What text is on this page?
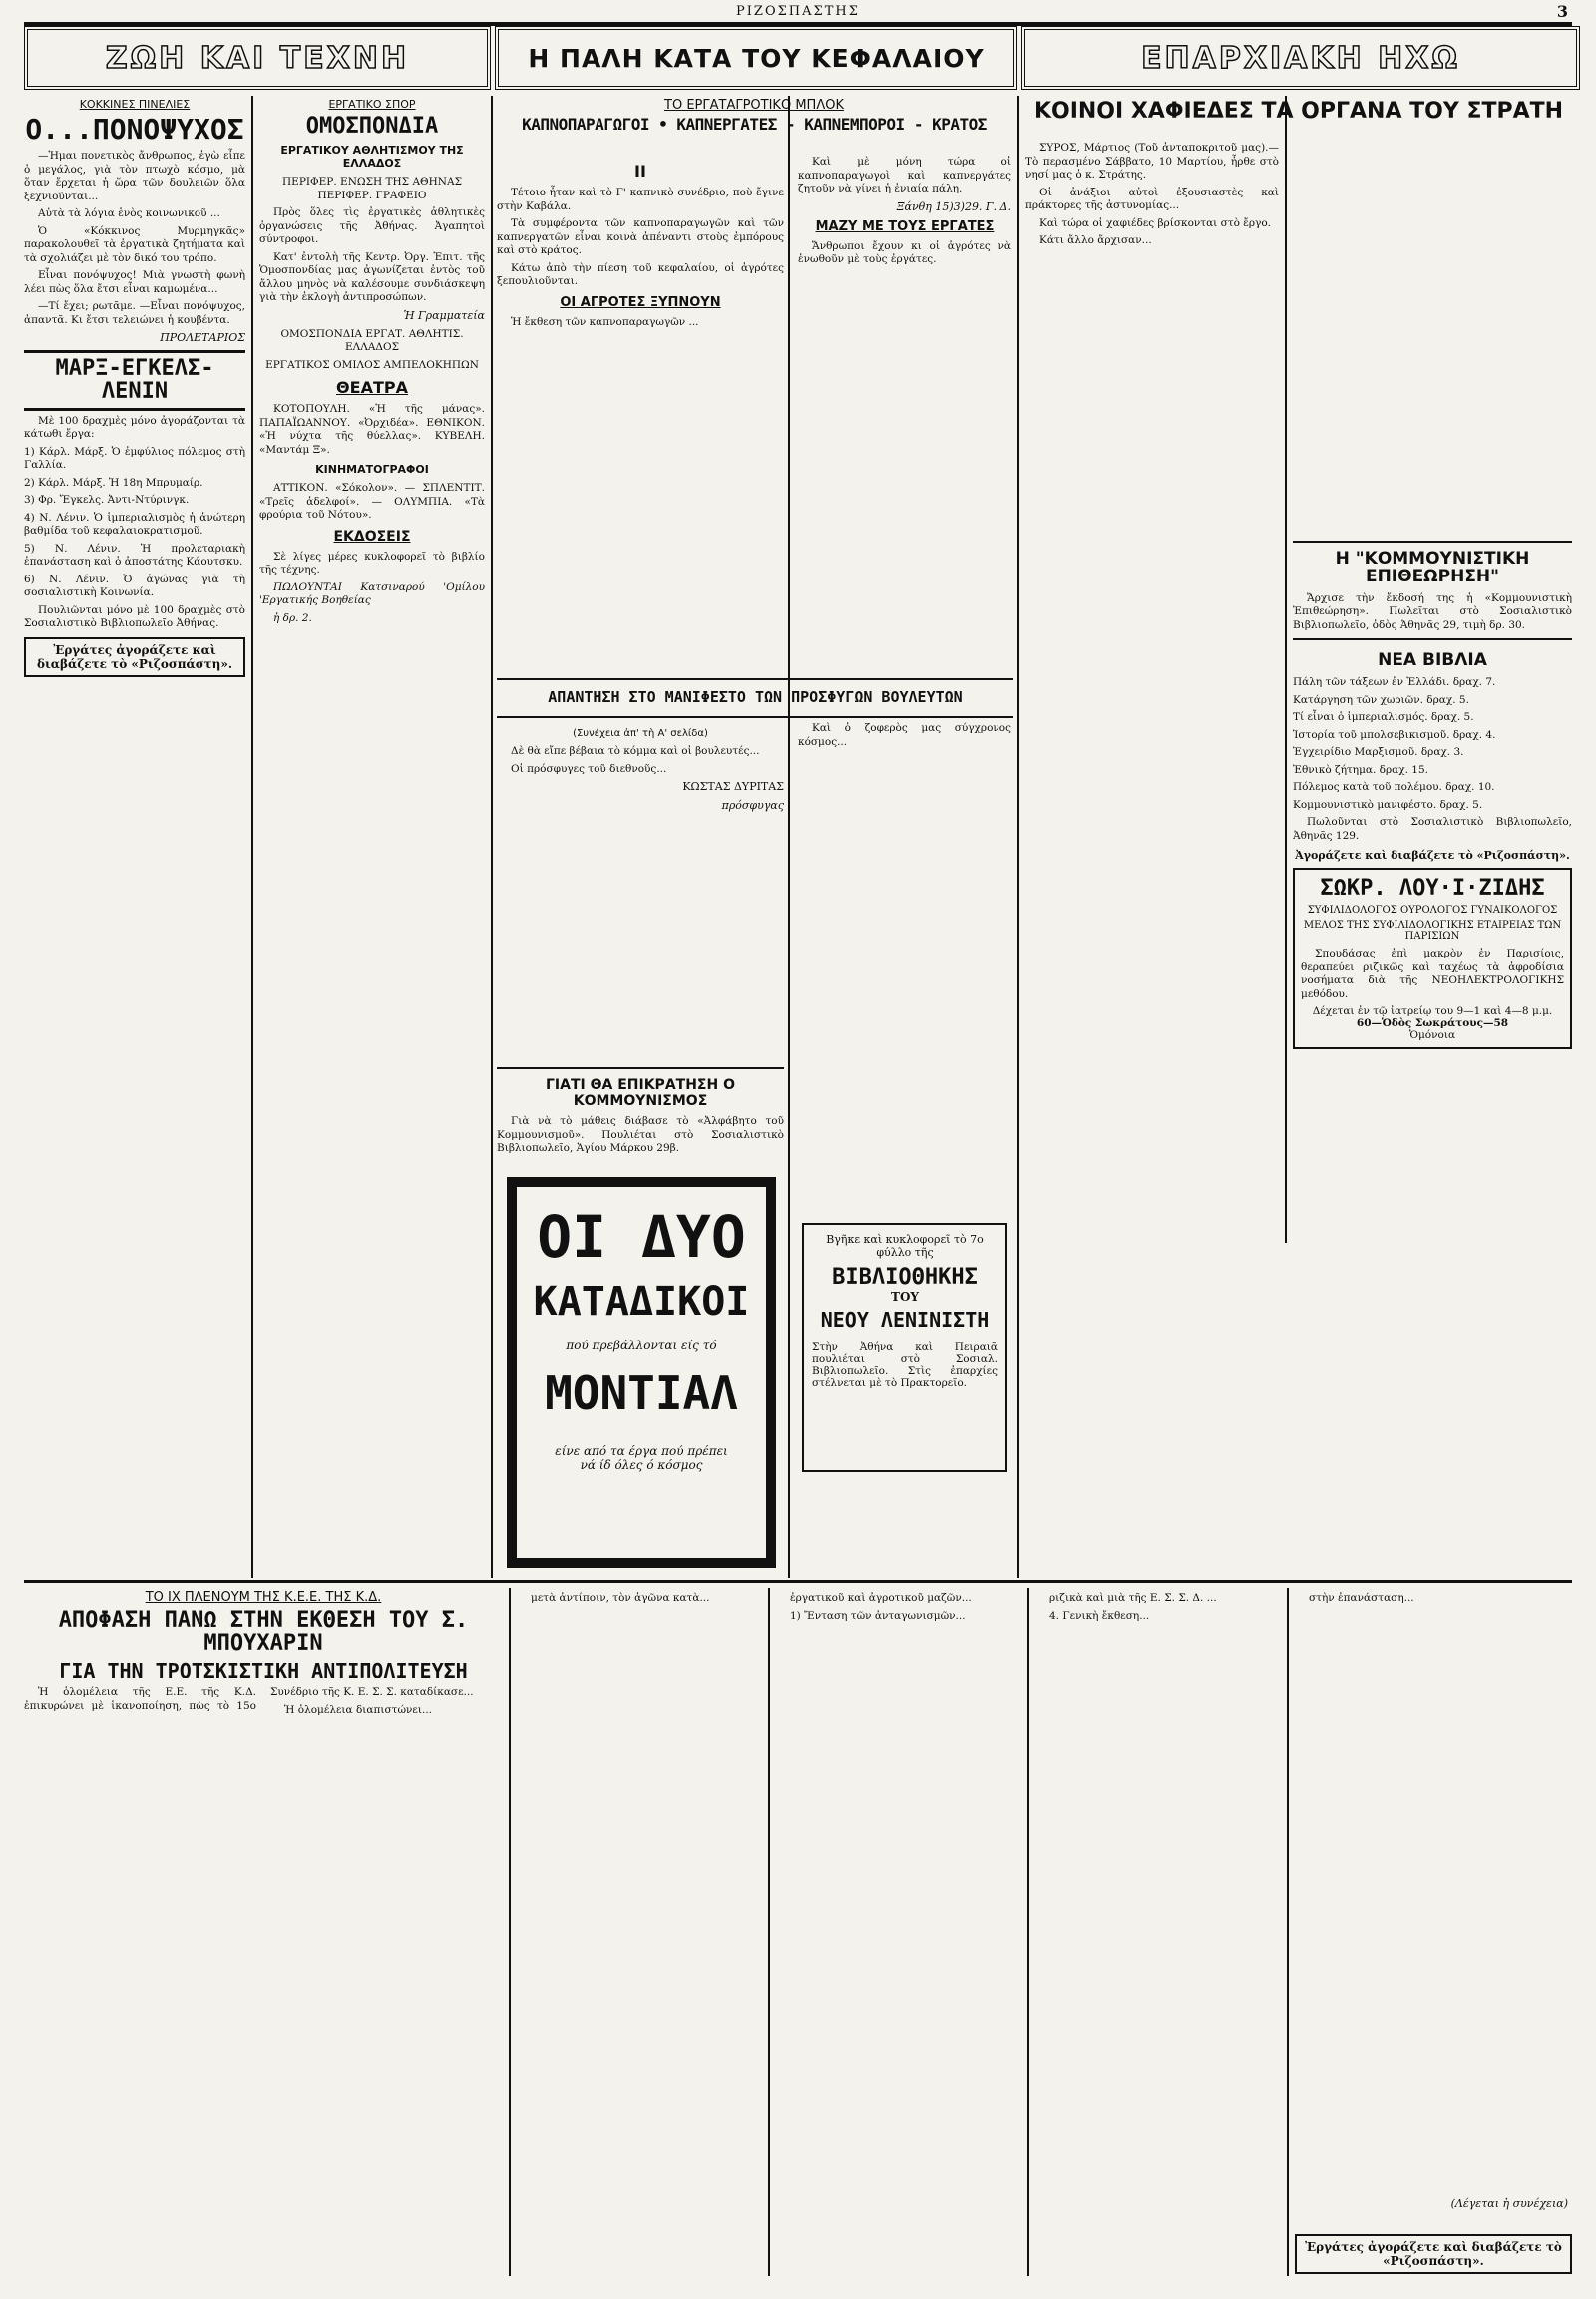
ΡΙΖΟΣΠΑΣΤΗΣ	3
ΖΩΗ ΚΑΙ ΤΕΧΝΗ	Η ΠΑΛΗ ΚΑΤΑ ΤΟΥ ΚΕΦΑΛΑΙΟΥ	ΕΠΑΡΧΙΑΚΗ ΗΧΩ
ΚΟΚΚΙΝΕΣ ΠΙΝΕΛΙΕΣ
Ο...ΠΟΝΟΨΥΧΟΣ

—Ἡμαι πονετικὸς ἄνθρωπος, ἐγὼ εἶπε ὁ μεγάλος, γιὰ τὸν πτωχὸ κόσμο, μὰ ὅταν ἔρχεται ἡ ὥρα τῶν δουλειῶν ὅλα ξεχνιοῦνται...

Αὐτὰ τὰ λόγια ἑνὸς κοινωνικοῦ ...

Ὁ «Κόκκινος Μυρμηγκᾶς» παρακολουθεῖ τὰ ἐργατικὰ ζητήματα καὶ τὰ σχολιάζει μὲ τὸν δικό του τρόπο.

Εἶναι πονόψυχος! Μιὰ γνωστὴ φωνὴ λέει πὼς ὅλα ἔτσι εἶναι καμωμένα...

—Τί ἔχει; ρωτᾶμε. —Εἶναι πονόψυχος, ἀπαντᾶ. Κι ἔτσι τελειώνει ἡ κουβέντα.

ΠΡΟΛΕΤΑΡΙΟΣ
ΜΑΡΞ-ΕΓΚΕΛΣ-ΛΕΝΙΝ

Μὲ 100 δραχμὲς μόνο ἀγοράζονται τὰ κάτωθι ἔργα:

1) Κάρλ. Μάρξ. Ὁ ἐμφύλιος πόλεμος στὴ Γαλλία.

2) Κάρλ. Μάρξ. Ἡ 18η Μπρυμαίρ.

3) Φρ. Ἔγκελς. Ἀντι-Ντύρινγκ.

4) Ν. Λένιν. Ὁ ἱμπεριαλισμὸς ἡ ἀνώτερη βαθμίδα τοῦ κεφαλαιοκρατισμοῦ.

5) Ν. Λένιν. Ἡ προλεταριακὴ ἐπανάσταση καὶ ὁ ἀποστάτης Κάουτσκυ.

6) Ν. Λένιν. Ὁ ἀγώνας γιὰ τὴ σοσιαλιστικὴ Κοινωνία.

Πουλιῶνται μόνο μὲ 100 δραχμὲς στὸ Σοσιαλιστικὸ Βιβλιοπωλεῖο Ἀθήνας.

Ἐργάτες ἀγοράζετε καὶ διαβάζετε τὸ «Ριζοσπάστη».
ΕΡΓΑΤΙΚΟ ΣΠΟΡ
ΟΜΟΣΠΟΝΔΙΑ
ΕΡΓΑΤΙΚΟΥ ΑΘΛΗΤΙΣΜΟΥ ΤΗΣ ΕΛΛΑΔΟΣ

ΠΕΡΙΦΕΡ. ΕΝΩΣΗ ΤΗΣ ΑΘΗΝΑΣ ΠΕΡΙΦΕΡ. ΓΡΑΦΕΙΟ

Πρὸς ὅλες τὶς ἐργατικὲς ἀθλητικὲς ὀργανώσεις τῆς Ἀθήνας. Ἀγαπητοὶ σύντροφοι.

Κατ' ἐντολὴ τῆς Κεντρ. Ὀργ. Ἐπιτ. τῆς Ὁμοσπονδίας μας ἀγωνίζεται ἐντὸς τοῦ ἄλλου μηνὸς νὰ καλέσουμε συνδιάσκεψη γιὰ τὴν ἐκλογὴ ἀντιπροσώπων.

Ἡ Γραμματεία

ΟΜΟΣΠΟΝΔΙΑ ΕΡΓΑΤ. ΑΘΛΗΤΙΣ. ΕΛΛΑΔΟΣ

ΕΡΓΑΤΙΚΟΣ ΟΜΙΛΟΣ ΑΜΠΕΛΟΚΗΠΩΝ

ΘΕΑΤΡΑ

ΚΟΤΟΠΟΥΛΗ. «Ἡ τῆς μάνας». ΠΑΠΑΪΩΑΝΝΟΥ. «Ὀρχιδέα». ΕΘΝΙΚΟΝ. «Ἡ νύχτα τῆς θύελλας». ΚΥΒΕΛΗ. «Μαντάμ Ξ».

ΚΙΝΗΜΑΤΟΓΡΑΦΟΙ

ΑΤΤΙΚΟΝ. «Σόκολον». — ΣΠΛΕΝΤΙΤ. «Τρεῖς ἀδελφοί». — ΟΛΥΜΠΙΑ. «Τὰ φρούρια τοῦ Νότου».

ΕΚΔΟΣΕΙΣ

Σὲ λίγες μέρες κυκλοφορεῖ τὸ βιβλίο τῆς τέχνης.

ΠΩΛΟΥΝΤΑΙ Κατσιναρού 'Ομίλου 'Εργατικής Βοηθείας

ἡ δρ. 2.

ΤΟ ΕΡΓΑΤΑΓΡΟΤΙΚΟ ΜΠΛΟΚ
ΚΑΠΝΟΠΑΡΑΓΩΓΟΙ • ΚΑΠΝΕΡΓΑΤΕΣ - ΚΑΠΝΕΜΠΟΡΟΙ - ΚΡΑΤΟΣ
ΙΙ

Τέτοιο ἦταν καὶ τὸ Γ' καπνικὸ συνέδριο, ποὺ ἔγινε στὴν Καβάλα.

Τὰ συμφέροντα τῶν καπνοπαραγωγῶν καὶ τῶν καπνεργατῶν εἶναι κοινὰ ἀπέναντι στοὺς ἐμπόρους καὶ στὸ κράτος.

Κάτω ἀπὸ τὴν πίεση τοῦ κεφαλαίου, οἱ ἀγρότες ξεπουλιοῦνται.

ΟΙ ΑΓΡΟΤΕΣ ΞΥΠΝΟΥΝ

Ἡ ἔκθεση τῶν καπνοπαραγωγῶν ...

Καὶ μὲ μόνη τώρα οἱ καπνοπαραγωγοὶ καὶ καπνεργάτες ζητοῦν νὰ γίνει ἡ ἐνιαία πάλη.

Ξάνθη 15)3)29. Γ. Δ.
ΜΑΖΥ ΜΕ ΤΟΥΣ ΕΡΓΑΤΕΣ

Ἄνθρωποι ἔχουν κι οἱ ἀγρότες νὰ ἑνωθοῦν μὲ τοὺς ἐργάτες.

ΑΠΑΝΤΗΣΗ ΣΤΟ ΜΑΝΙΦΕΣΤΟ ΤΩΝ ΠΡΟΣΦΥΓΩΝ ΒΟΥΛΕΥΤΩΝ
(Συνέχεια ἀπ' τὴ Α' σελίδα)

Δὲ θὰ εἴπε βέβαια τὸ κόμμα καὶ οἱ βουλευτές...

Οἱ πρόσφυγες τοῦ διεθνοῦς...

ΚΩΣΤΑΣ ΔΥΡΙΤΑΣ
πρόσφυγας

Καὶ ὁ ζοφερὸς μας σύγχρονος κόσμος...

ΓΙΑΤΙ ΘΑ ΕΠΙΚΡΑΤΗΣΗ Ο ΚΟΜΜΟΥΝΙΣΜΟΣ

Γιὰ νὰ τὸ μάθεις διάβασε τὸ «Ἀλφάβητο τοῦ Κομμουνισμοῦ». Πουλιέται στὸ Σοσιαλιστικὸ Βιβλιοπωλεῖο, Ἁγίου Μάρκου 29β.

ΟΙ ΔΥΟ
ΚΑΤΑΔΙΚΟΙ
πού πρεβάλλονται είς τό
ΜΟΝΤΙΑΛ
είνε από τα έργα πού πρέπει
νά ίδ όλες ό κόσμος
Βγῆκε καὶ κυκλοφορεῖ τὸ 7ο φύλλο τῆς
ΒΙΒΛΙΟΘΗΚΗΣ
ΤΟΥ
ΝΕΟΥ ΛΕΝΙΝΙΣΤΗ
Στὴν Ἀθήνα καὶ Πειραιᾶ πουλιέται στὸ Σοσιαλ. Βιβλιοπωλεῖο. Στὶς ἐπαρχίες στέλνεται μὲ τὸ Πρακτορεῖο.
ΚΟΙΝΟΙ ΧΑΦΙΕΔΕΣ ΤΑ ΟΡΓΑΝΑ ΤΟΥ ΣΤΡΑΤΗ

ΣΥΡΟΣ, Μάρτιος (Τοῦ ἀνταποκριτοῦ μας).— Τὸ περασμένο Σάββατο, 10 Μαρτίου, ἦρθε στὸ νησί μας ὁ κ. Στράτης.

Οἱ ἀνάξιοι αὐτοὶ ἐξουσιαστὲς καὶ πράκτορες τῆς ἀστυνομίας...

Καὶ τώρα οἱ χαφιέδες βρίσκονται στὸ ἔργο.

Κάτι ἄλλο ἄρχισαν...

Η "ΚΟΜΜΟΥΝΙΣΤΙΚΗ ΕΠΙΘΕΩΡΗΣΗ"

Ἄρχισε τὴν ἔκδοσή της ἡ «Κομμουνιστικὴ Ἐπιθεώρηση». Πωλεῖται στὸ Σοσιαλιστικὸ Βιβλιοπωλεῖο, ὁδὸς Ἀθηνᾶς 29, τιμὴ δρ. 30.

ΝΕΑ ΒΙΒΛΙΑ

Πάλη τῶν τάξεων ἐν Ἑλλάδι. δραχ. 7.

Κατάργηση τῶν χωριῶν. δραχ. 5.

Τί εἶναι ὁ ἰμπεριαλισμός. δραχ. 5.

Ἱστορία τοῦ μπολσεβικισμοῦ. δραχ. 4.

Ἐγχειρίδιο Μαρξισμοῦ. δραχ. 3.

Ἐθνικὸ ζήτημα. δραχ. 15.

Πόλεμος κατὰ τοῦ πολέμου. δραχ. 10.

Κομμουνιστικὸ μανιφέστο. δραχ. 5.

Πωλοῦνται στὸ Σοσιαλιστικὸ Βιβλιοπωλεῖο, Ἀθηνᾶς 129.

Ἀγοράζετε καὶ διαβάζετε τὸ «Ριζοσπάστη».
ΣΩΚΡ. ΛΟΥ·Ι·ΖΙΔΗΣ
ΣΥΦΙΛΙΔΟΛΟΓΟΣ ΟΥΡΟΛΟΓΟΣ ΓΥΝΑΙΚΟΛΟΓΟΣ
ΜΕΛΟΣ ΤΗΣ ΣΥΦΙΛΙΔΟΛΟΓΙΚΗΣ ΕΤΑΙΡΕΙΑΣ ΤΩΝ ΠΑΡΙΣΙΩΝ

Σπουδάσας ἐπὶ μακρὸν ἐν Παρισίοις, θεραπεύει ριζικῶς καὶ ταχέως τὰ ἀφροδίσια νοσήματα διὰ τῆς ΝΕΟΗΛΕΚΤΡΟΛΟΓΙΚΗΣ μεθόδου.

Δέχεται ἐν τῷ ἰατρείῳ του 9—1 καὶ 4—8 μ.μ.
60—Ὁδὸς Σωκράτους—58
Ὁμόνοια
ΤΟ ΙΧ ΠΛΕΝΟΥΜ ΤΗΣ Κ.Ε.Ε. ΤΗΣ Κ.Δ.
ΑΠΟΦΑΣΗ ΠΑΝΩ ΣΤΗΝ ΕΚΘΕΣΗ ΤΟΥ Σ. ΜΠΟΥΧΑΡΙΝ
ΓΙΑ ΤΗΝ ΤΡΟΤΣΚΙΣΤΙΚΗ ΑΝΤΙΠΟΛΙΤΕΥΣΗ

Ἡ ὁλομέλεια τῆς Ε.Ε. τῆς Κ.Δ. ἐπικυρώνει μὲ ἱκανοποίηση, πὼς τὸ 15ο Συνέδριο τῆς Κ. Ε. Σ. Σ. καταδίκασε...

Ἡ ὁλομέλεια διαπιστώνει...

μετὰ ἀντίποιν, τὸν ἀγῶνα κατὰ...	ἐργατικοῦ καὶ ἀγροτικοῦ μαζῶν...

1) Ἔνταση τῶν ἀνταγωνισμῶν...

ριζικὰ καὶ μιὰ τῆς Ε. Σ. Σ. Δ. ...

4. Γενικὴ ἔκθεση...

στὴν ἐπανάσταση...

(Λέγεται ἡ συνέχεια)
Ἐργάτες ἀγοράζετε καὶ διαβάζετε τὸ «Ριζοσπάστη».
